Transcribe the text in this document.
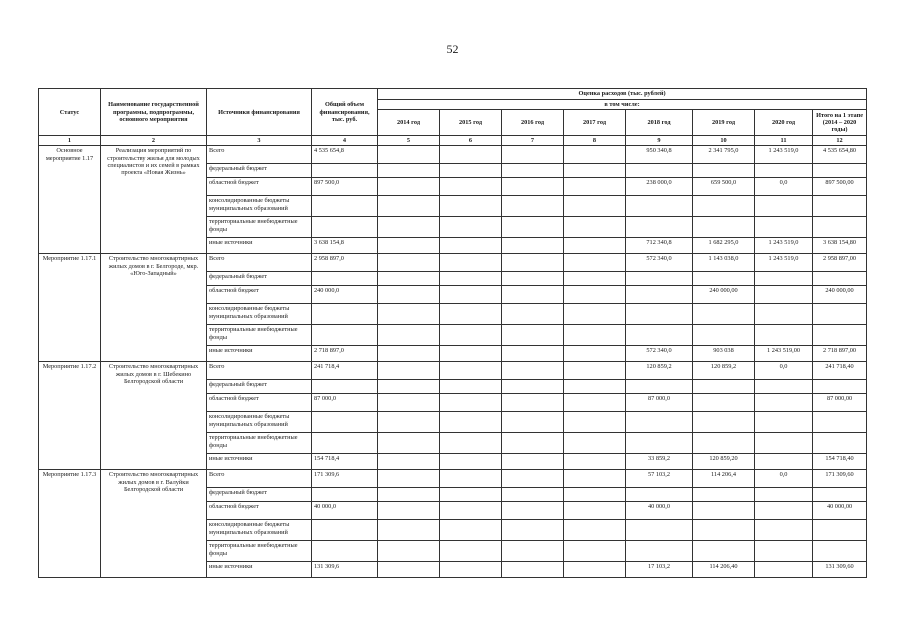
52
Статус	Наименование государственной программы, подпрограммы, основного мероприятия	Источники финансирования	Общий объем финансирования, тыс. руб.	Оценка расходов (тыс. рублей)							
				в том числе:							
				2014 год	2015 год	2016 год	2017 год	2018 год	2019 год	2020 год	Итого на 1 этапе (2014 – 2020 годы)
1	2	3	4	5	6	7	8	9	10	11	12
Основное мероприятие 1.17	Реализация мероприятий по строительству жилья для молодых специалистов и их семей в рамках проекта «Новая Жизнь»	Всего	4 535 654,8					950 340,8	2 341 795,0	1 243 519,0	4 535 654,80
		федеральный бюджет									
		областной бюджет	897 500,0					238 000,0	659 500,0	0,0	897 500,00
		консолидированные бюджеты муниципальных образований									
		территориальные внебюджетные фонды									
		иные источники	3 638 154,8					712 340,8	1 682 295,0	1 243 519,0	3 638 154,80
Мероприятие 1.17.1	Строительство многоквартирных жилых домов в г. Белгороде, мкр. «Юго-Западный»	Всего	2 958 897,0					572 340,0	1 143 038,0	1 243 519,0	2 958 897,00
		федеральный бюджет									
		областной бюджет	240 000,0						240 000,00		240 000,00
		консолидированные бюджеты муниципальных образований									
		территориальные внебюджетные фонды									
		иные источники	2 718 897,0					572 340,0	903 038	1 243 519,00	2 718 897,00
Мероприятие 1.17.2	Строительство многоквартирных жилых домов в г. Шебекино Белгородской области	Всего	241 718,4					120 859,2	120 859,2	0,0	241 718,40
		федеральный бюджет									
		областной бюджет	87 000,0					87 000,0			87 000,00
		консолидированные бюджеты муниципальных образований									
		территориальные внебюджетные фонды									
		иные источники	154 718,4					33 859,2	120 859,20		154 718,40
Мероприятие 1.17.3	Строительство многоквартирных жилых домов в г. Валуйки Белгородской области	Всего	171 309,6					57 103,2	114 206,4	0,0	171 309,60
		федеральный бюджет									
		областной бюджет	40 000,0					40 000,0			40 000,00
		консолидированные бюджеты муниципальных образований									
		территориальные внебюджетные фонды									
		иные источники	131 309,6					17 103,2	114 206,40		131 309,60
